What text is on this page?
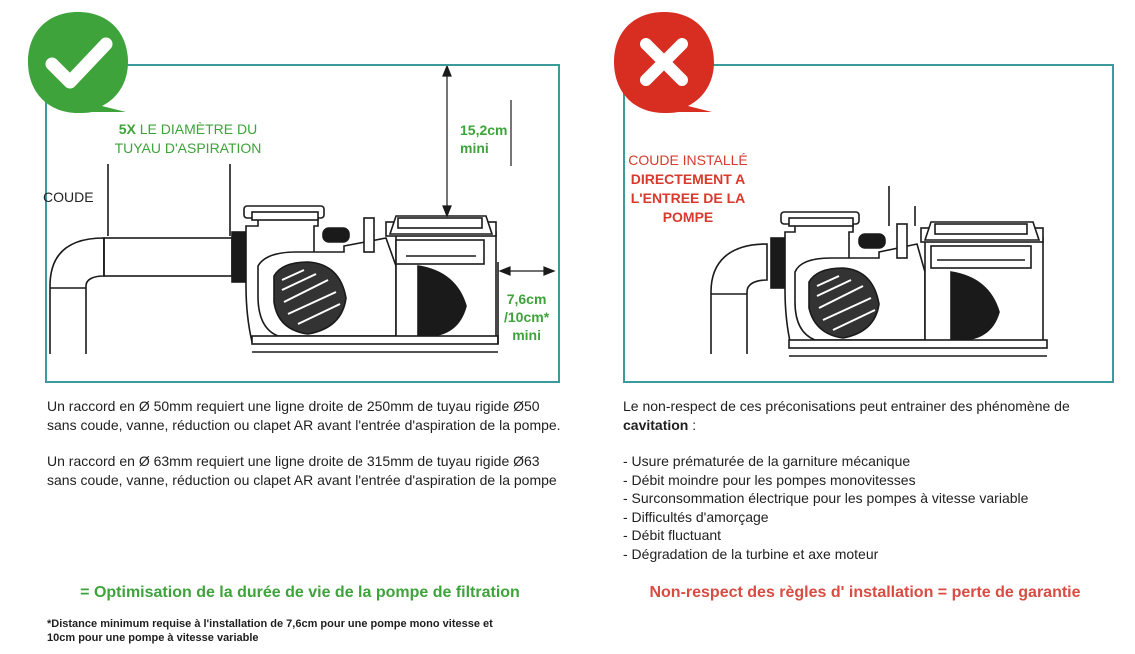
5X LE DIAMÈTRE DU
TUYAU D'ASPIRATION
COUDE
15,2cm
mini
7,6cm
/10cm*
mini

Un raccord en Ø 50mm requiert une ligne droite de 250mm de tuyau rigide Ø50 sans coude, vanne, réduction ou clapet AR avant l'entrée d'aspiration de la pompe.

Un raccord en Ø 63mm requiert une ligne droite de 315mm de tuyau rigide Ø63 sans coude, vanne, réduction ou clapet AR avant l'entrée d'aspiration de la pompe

= Optimisation de la durée de vie de la pompe de filtration
*Distance minimum requise à l'installation de 7,6cm pour une pompe mono vitesse et
10cm pour une pompe à vitesse variable
COUDE INSTALLÉ
DIRECTEMENT A
L'ENTREE DE LA
POMPE
Le non-respect de ces préconisations peut entrainer des phénomène de cavitation :
- Usure prématurée de la garniture mécanique
- Débit moindre pour les pompes monovitesses
- Surconsommation électrique pour les pompes à vitesse variable
- Difficultés d'amorçage
- Débit fluctuant
- Dégradation de la turbine et axe moteur
Non-respect des règles d' installation = perte de garantie
